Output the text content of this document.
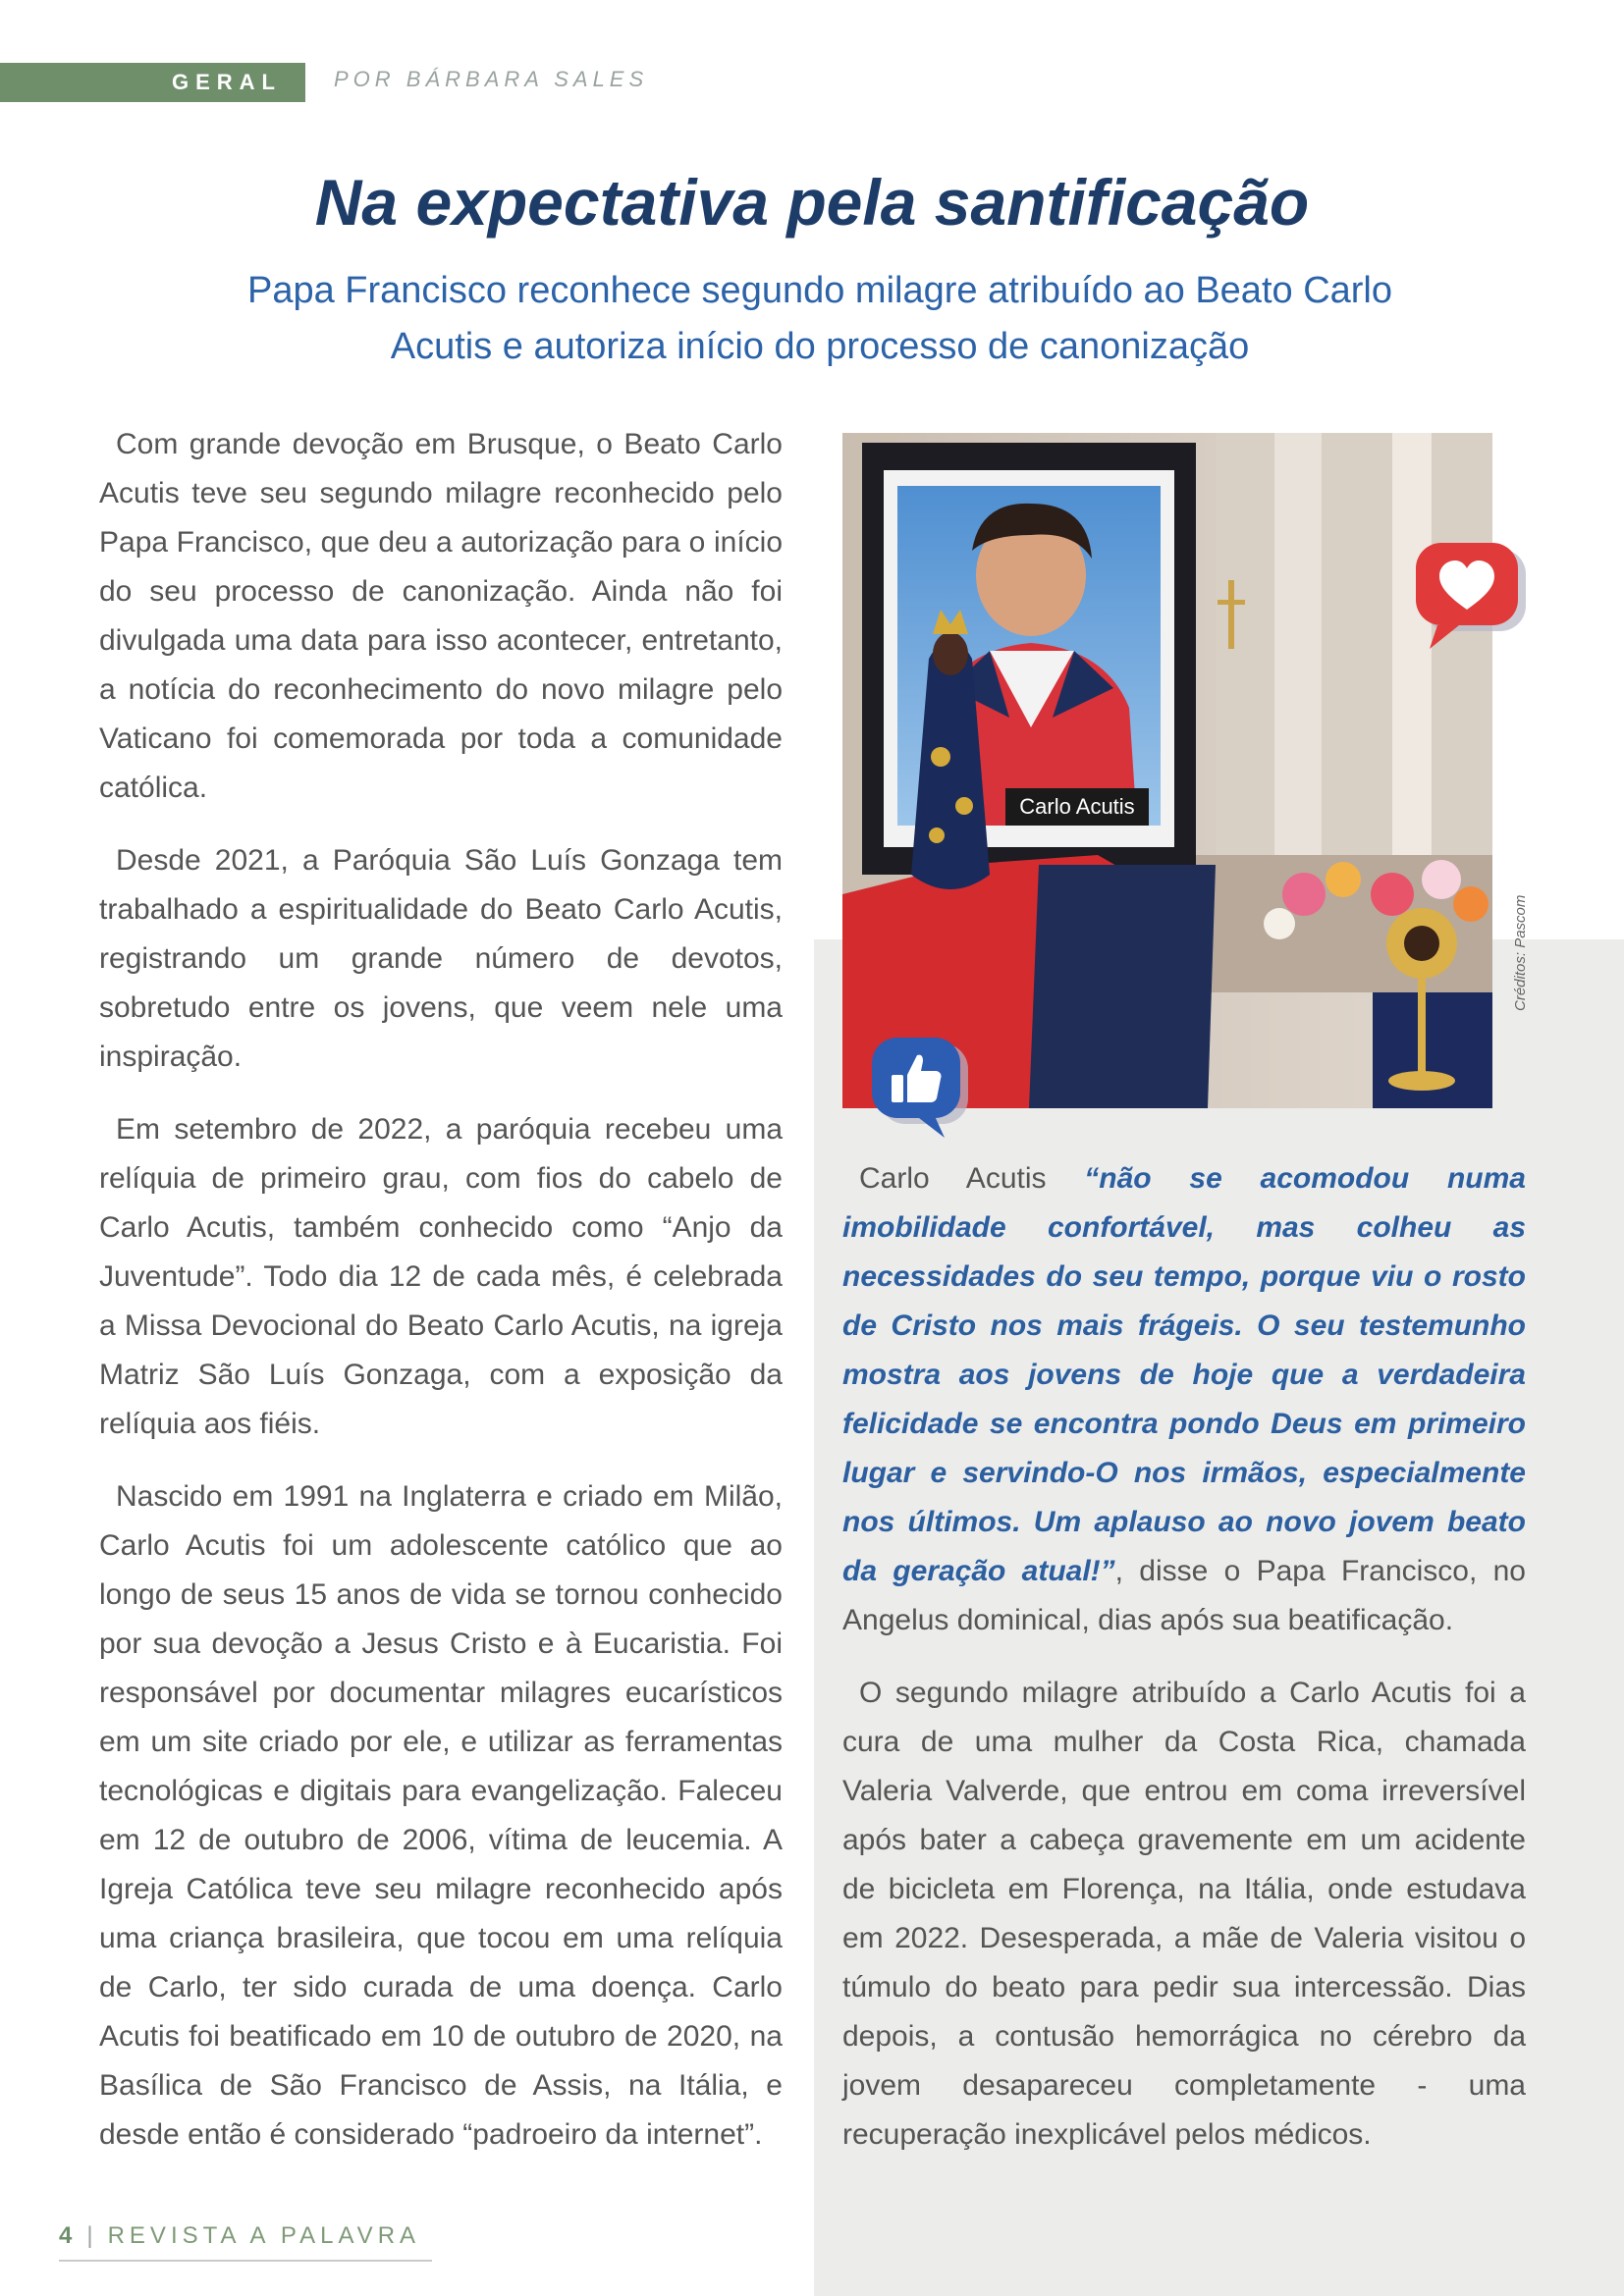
GERAL POR BÁRBARA SALES
Na expectativa pela santificação

Papa Francisco reconhece segundo milagre atribuído ao Beato Carlo Acutis e autoriza início do processo de canonização

Com grande devoção em Brusque, o Beato Carlo Acutis teve seu segundo milagre reconhecido pelo Papa Francisco, que deu a autorização para o início do seu processo de canonização. Ainda não foi divulgada uma data para isso acontecer, entretanto, a notícia do reconhecimento do novo milagre pelo Vaticano foi comemorada por toda a comunidade católica.

Desde 2021, a Paróquia São Luís Gonzaga tem trabalhado a espiritualidade do Beato Carlo Acutis, registrando um grande número de devotos, sobretudo entre os jovens, que veem nele uma inspiração.

Em setembro de 2022, a paróquia recebeu uma relíquia de primeiro grau, com fios do cabelo de Carlo Acutis, também conhecido como “Anjo da Juventude”. Todo dia 12 de cada mês, é celebrada a Missa Devocional do Beato Carlo Acutis, na igreja Matriz São Luís Gonzaga, com a exposição da relíquia aos fiéis.

Nascido em 1991 na Inglaterra e criado em Milão, Carlo Acutis foi um adolescente católico que ao longo de seus 15 anos de vida se tornou conhecido por sua devoção a Jesus Cristo e à Eucaristia. Foi responsável por documentar milagres eucarísticos em um site criado por ele, e utilizar as ferramentas tecnológicas e digitais para evangelização. Faleceu em 12 de outubro de 2006, vítima de leucemia. A Igreja Católica teve seu milagre reconhecido após uma criança brasileira, que tocou em uma relíquia de Carlo, ter sido curada de uma doença. Carlo Acutis foi beatificado em 10 de outubro de 2020, na Basílica de São Francisco de Assis, na Itália, e desde então é considerado “padroeiro da internet”.

Carlo Acutis
Créditos: Pascom

Carlo Acutis “não se acomodou numa imobilidade confortável, mas colheu as necessidades do seu tempo, porque viu o rosto de Cristo nos mais frágeis. O seu testemunho mostra aos jovens de hoje que a verdadeira felicidade se encontra pondo Deus em primeiro lugar e servindo-O nos irmãos, especialmente nos últimos. Um aplauso ao novo jovem beato da geração atual!”, disse o Papa Francisco, no Angelus dominical, dias após sua beatificação.

O segundo milagre atribuído a Carlo Acutis foi a cura de uma mulher da Costa Rica, chamada Valeria Valverde, que entrou em coma irreversível após bater a cabeça gravemente em um acidente de bicicleta em Florença, na Itália, onde estudava em 2022. Desesperada, a mãe de Valeria visitou o túmulo do beato para pedir sua intercessão. Dias depois, a contusão hemorrágica no cérebro da jovem desapareceu completamente - uma recuperação inexplicável pelos médicos.

4 | REVISTA A PALAVRA
